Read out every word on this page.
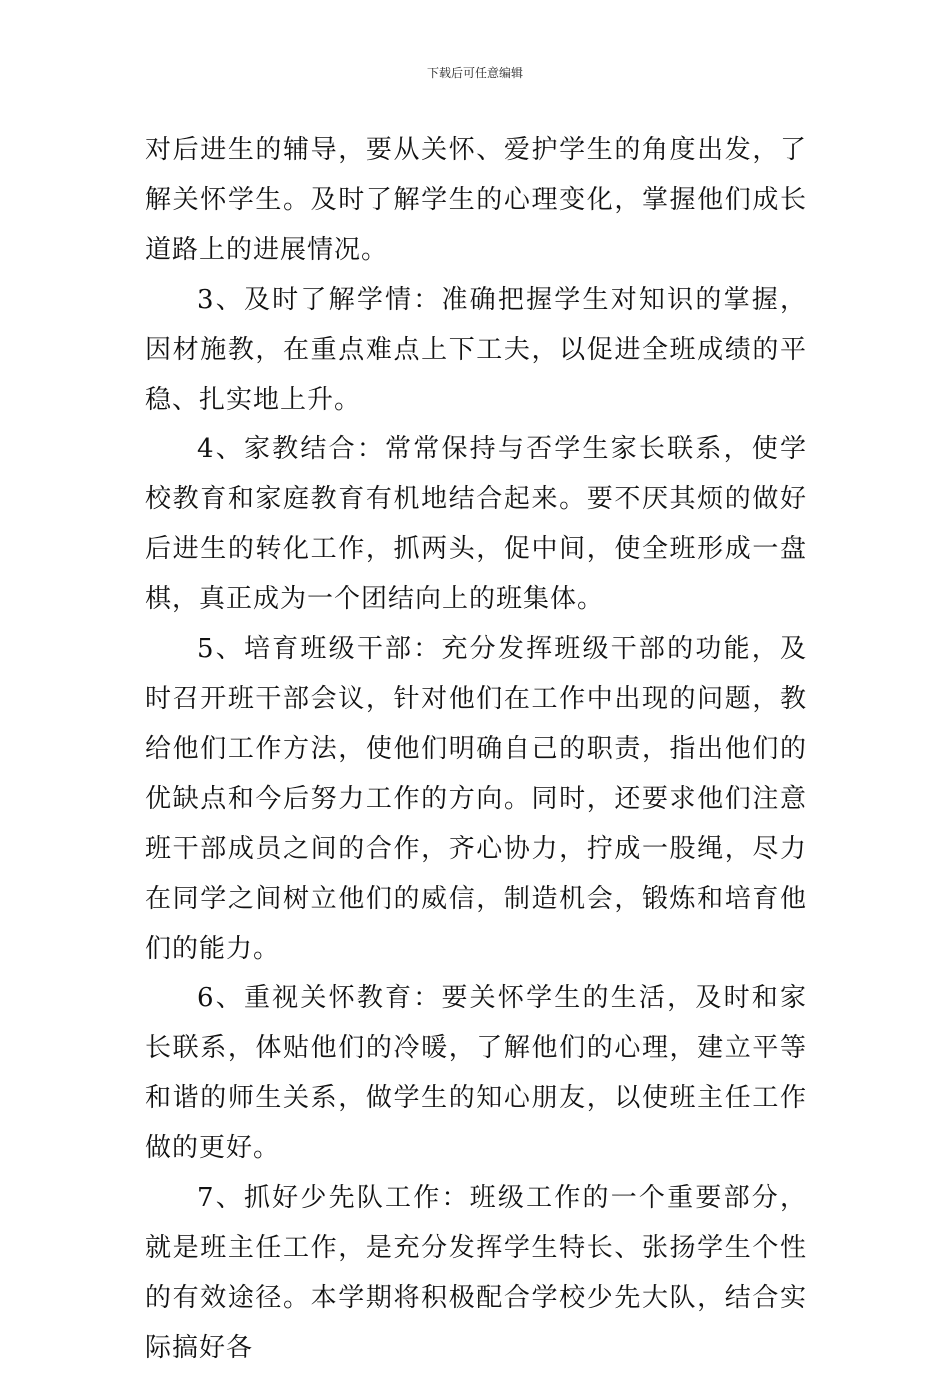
下载后可任意编辑

对后进生的辅导，要从关怀、爱护学生的角度出发，了解关怀学生。及时了解学生的心理变化，掌握他们成长道路上的进展情况。

3、及时了解学情：准确把握学生对知识的掌握，因材施教，在重点难点上下工夫，以促进全班成绩的平稳、扎实地上升。

4、家教结合：常常保持与否学生家长联系，使学校教育和家庭教育有机地结合起来。要不厌其烦的做好后进生的转化工作，抓两头，促中间，使全班形成一盘棋，真正成为一个团结向上的班集体。

5、培育班级干部：充分发挥班级干部的功能，及时召开班干部会议，针对他们在工作中出现的问题，教给他们工作方法，使他们明确自己的职责，指出他们的优缺点和今后努力工作的方向。同时，还要求他们注意班干部成员之间的合作，齐心协力，拧成一股绳，尽力在同学之间树立他们的威信，制造机会，锻炼和培育他们的能力。

6、重视关怀教育：要关怀学生的生活，及时和家长联系，体贴他们的冷暖，了解他们的心理，建立平等和谐的师生关系，做学生的知心朋友，以使班主任工作做的更好。

7、抓好少先队工作：班级工作的一个重要部分，就是班主任工作，是充分发挥学生特长、张扬学生个性的有效途径。本学期将积极配合学校少先大队，结合实际搞好各
